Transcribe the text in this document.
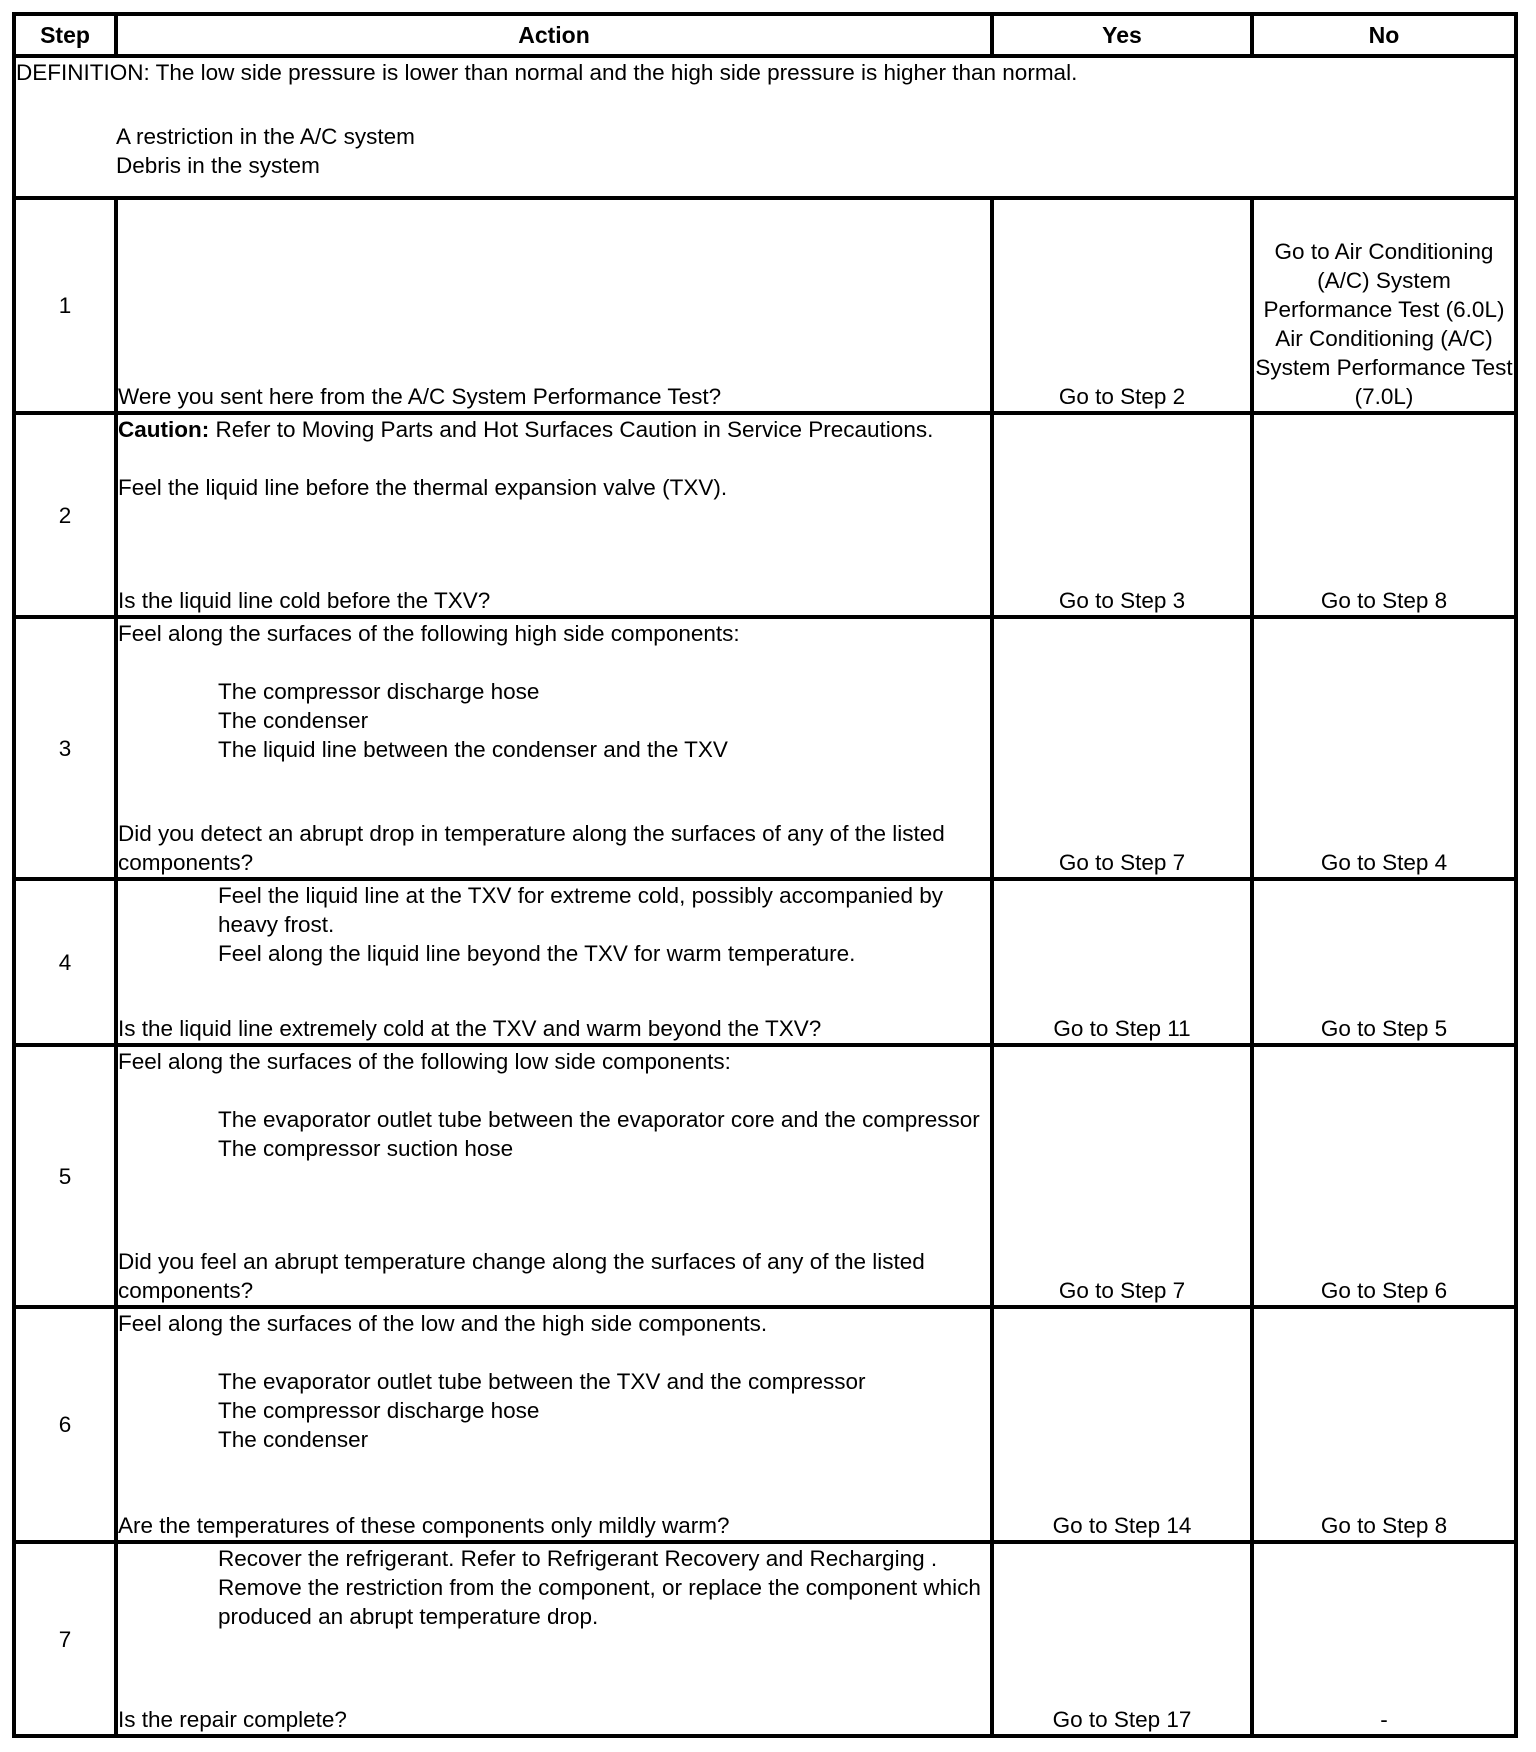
Step	Action	Yes	No

DEFINITION: The low side pressure is lower than normal and the high side pressure is higher than normal.
A restriction in the A/C system
Debris in the system			

1	Were you sent here from the A/C System Performance Test?	Go to Step 2	Go to Air Conditioning (A/C) System Performance Test (6.0L) Air Conditioning (A/C) System Performance Test (7.0L)
2	Caution: Refer to Moving Parts and Hot Surfaces Caution in Service Precautions.
Feel the liquid line before the thermal expansion valve (TXV).
Is the liquid line cold before the TXV?	Go to Step 3	Go to Step 8
3	Feel along the surfaces of the following high side components:
The compressor discharge hose
The condenser
The liquid line between the condenser and the TXV
Did you detect an abrupt drop in temperature along the surfaces of any of the listed components?	Go to Step 7	Go to Step 4
4	Feel the liquid line at the TXV for extreme cold, possibly accompanied by heavy frost.
Feel along the liquid line beyond the TXV for warm temperature.
Is the liquid line extremely cold at the TXV and warm beyond the TXV?	Go to Step 11	Go to Step 5
5	Feel along the surfaces of the following low side components:
The evaporator outlet tube between the evaporator core and the compressor
The compressor suction hose
Did you feel an abrupt temperature change along the surfaces of any of the listed components?	Go to Step 7	Go to Step 6
6	Feel along the surfaces of the low and the high side components.
The evaporator outlet tube between the TXV and the compressor
The compressor discharge hose
The condenser
Are the temperatures of these components only mildly warm?	Go to Step 14	Go to Step 8
7	Recover the refrigerant. Refer to Refrigerant Recovery and Recharging .
Remove the restriction from the component, or replace the component which produced an abrupt temperature drop.
Is the repair complete?	Go to Step 17	-
